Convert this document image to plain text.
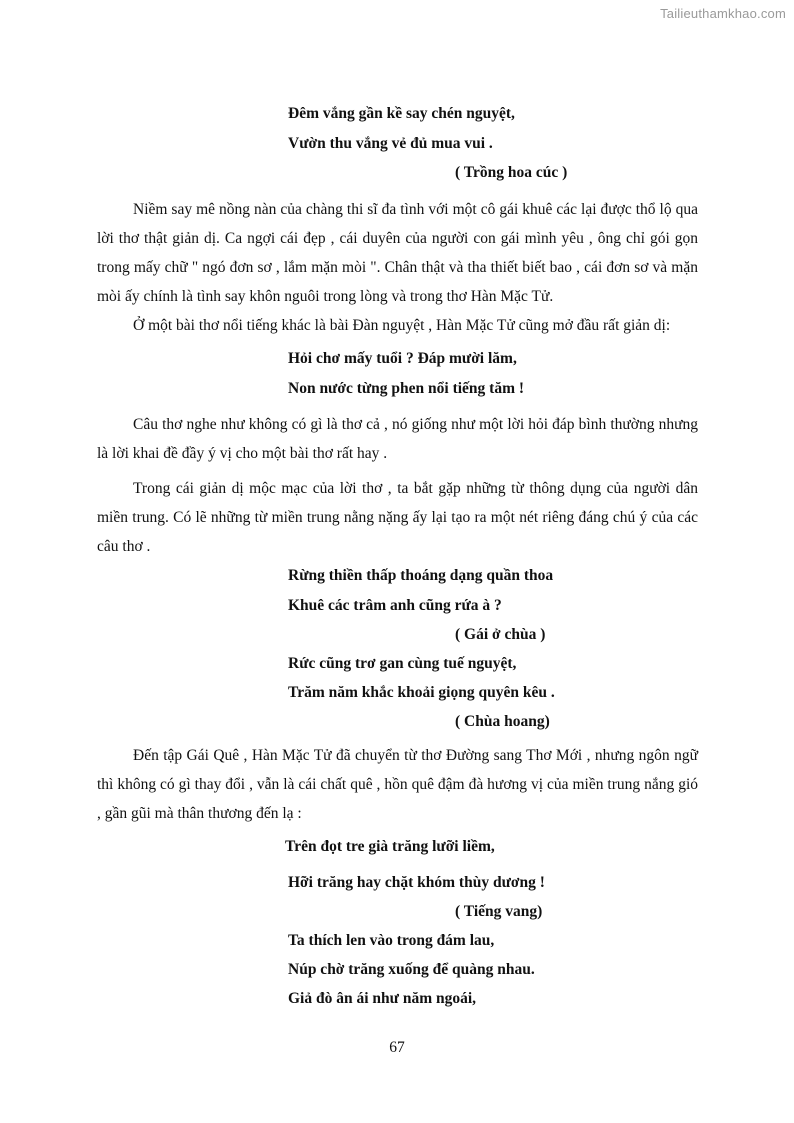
Tailieuthamkhao.com
Đêm vắng gần kề say chén nguyệt,
Vườn thu vắng vẻ đủ mua vui .
( Trồng hoa cúc )
Niềm say mê nồng nàn của chàng thi sĩ đa tình với một cô gái khuê các lại được thổ lộ qua lời thơ thật giản dị. Ca ngợi cái đẹp , cái duyên của người con gái mình yêu , ông chỉ gói gọn trong mấy chữ " ngó đơn sơ , lắm mặn mòi ". Chân thật và tha thiết biết bao , cái đơn sơ và mặn mòi ấy chính là tình say khôn nguôi trong lòng và trong thơ Hàn Mặc Tử.
Ở một bài thơ nổi tiếng khác là bài Đàn nguyệt , Hàn Mặc Tử cũng mở đầu rất giản dị:
Hỏi chơ mấy tuổi ? Đáp mười lăm,
Non nước từng phen nổi tiếng tăm !
Câu thơ nghe như không có gì là thơ cả , nó giống như một lời hỏi đáp bình thường nhưng là lời khai đề đầy ý vị cho một bài thơ rất hay .
Trong cái giản dị mộc mạc của lời thơ , ta bắt gặp những từ thông dụng của người dân miền trung. Có lẽ những từ miền trung nằng nặng ấy lại tạo ra một nét riêng đáng chú ý của các câu thơ .
Rừng thiền thấp thoáng dạng quần thoa
Khuê các trâm anh cũng rứa à ?
( Gái ở chùa )
Rức cũng trơ gan cùng tuế nguyệt,
Trăm năm khắc khoải giọng quyên kêu .
( Chùa hoang)
Đến tập Gái Quê , Hàn Mặc Tử đã chuyển từ thơ Đường sang Thơ Mới , nhưng ngôn ngữ thì không có gì thay đổi , vẫn là cái chất quê , hồn quê đậm đà hương vị của miền trung nắng gió , gần gũi mà thân thương đến lạ :
Trên đọt tre già trăng lưỡi liềm,
Hỡi trăng hay chặt khóm thùy dương !
( Tiếng vang)
Ta thích len vào trong đám lau,
Núp chờ trăng xuống để quàng nhau.
Giả đò ân ái như năm ngoái,
67
